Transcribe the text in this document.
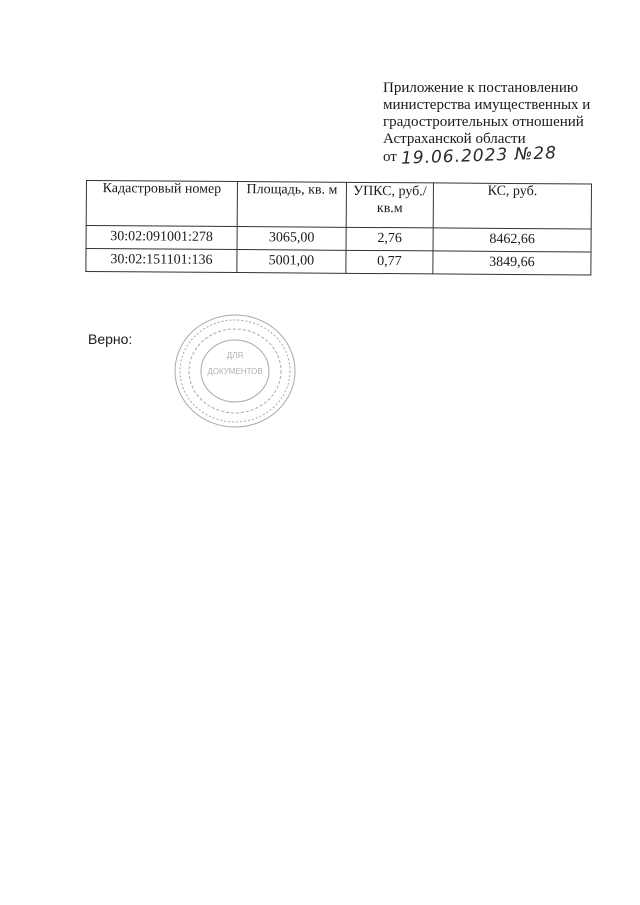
Приложение к постановлению
министерства имущественных и
градостроительных отношений
Астраханской области
от 19.06.2023 №28
Кадастровый номер	Площадь, кв. м	УПКС, руб./кв.м	КС, руб.
30:02:091001:278	3065,00	2,76	8462,66
30:02:151101:136	5001,00	0,77	3849,66
Верно:
ДЛЯ
ДОКУМЕНТОВ
·
